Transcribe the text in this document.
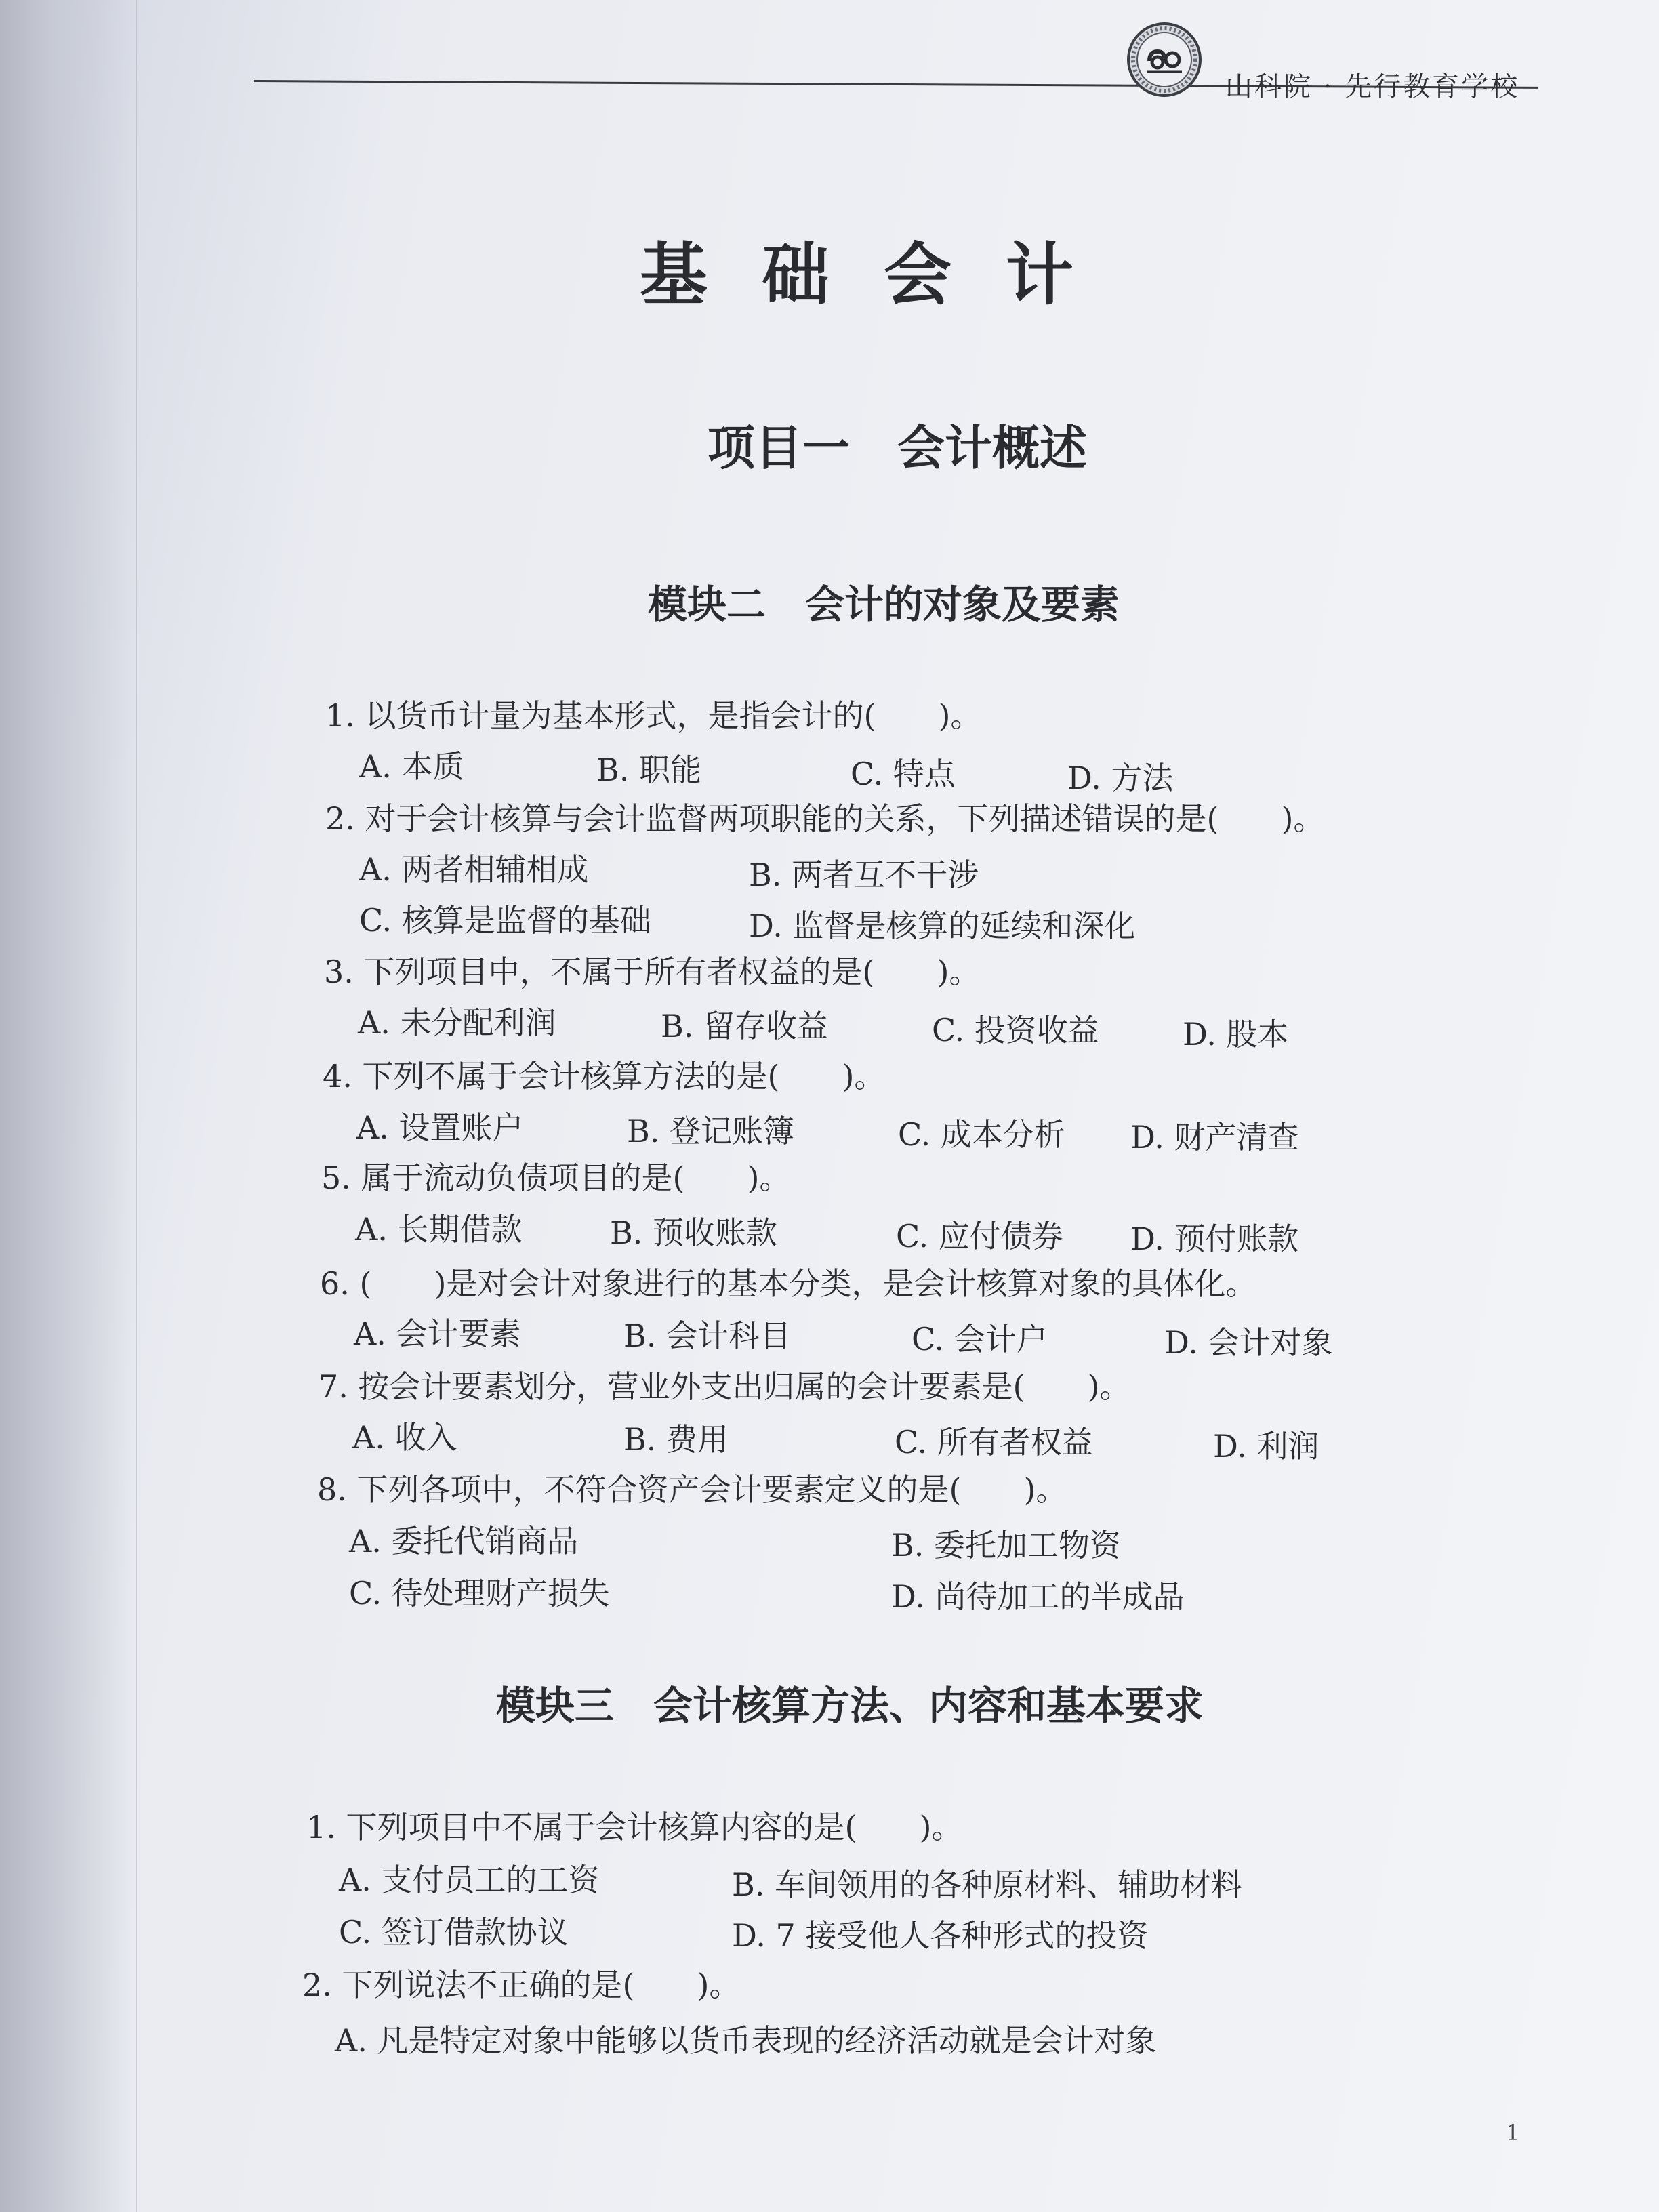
山科院 · 先行教育学校
基础会计
项目一　会计概述
模块二　会计的对象及要素
1. 以货币计量为基本形式，是指会计的(　　)。
A. 本质	B. 职能	C. 特点	D. 方法
2. 对于会计核算与会计监督两项职能的关系，下列描述错误的是(　　)。
A. 两者相辅相成	B. 两者互不干涉
C. 核算是监督的基础	D. 监督是核算的延续和深化
3. 下列项目中，不属于所有者权益的是(　　)。
A. 未分配利润	B. 留存收益	C. 投资收益	D. 股本
4. 下列不属于会计核算方法的是(　　)。
A. 设置账户	B. 登记账簿	C. 成本分析 D. 财产清查
5. 属于流动负债项目的是(　　)。
A. 长期借款	B. 预收账款	C. 应付债券 D. 预付账款
6. (　　)是对会计对象进行的基本分类，是会计核算对象的具体化。
A. 会计要素	B. 会计科目	C. 会计户	D. 会计对象
7. 按会计要素划分，营业外支出归属的会计要素是(　　)。
A. 收入	B. 费用	C. 所有者权益	D. 利润
8. 下列各项中，不符合资产会计要素定义的是(　　)。
A. 委托代销商品	B. 委托加工物资
C. 待处理财产损失	D. 尚待加工的半成品
模块三　会计核算方法、内容和基本要求
1. 下列项目中不属于会计核算内容的是(　　)。
A. 支付员工的工资	B. 车间领用的各种原材料、辅助材料
C. 签订借款协议	D. 7 接受他人各种形式的投资
2. 下列说法不正确的是(　　)。
A. 凡是特定对象中能够以货币表现的经济活动就是会计对象
1
